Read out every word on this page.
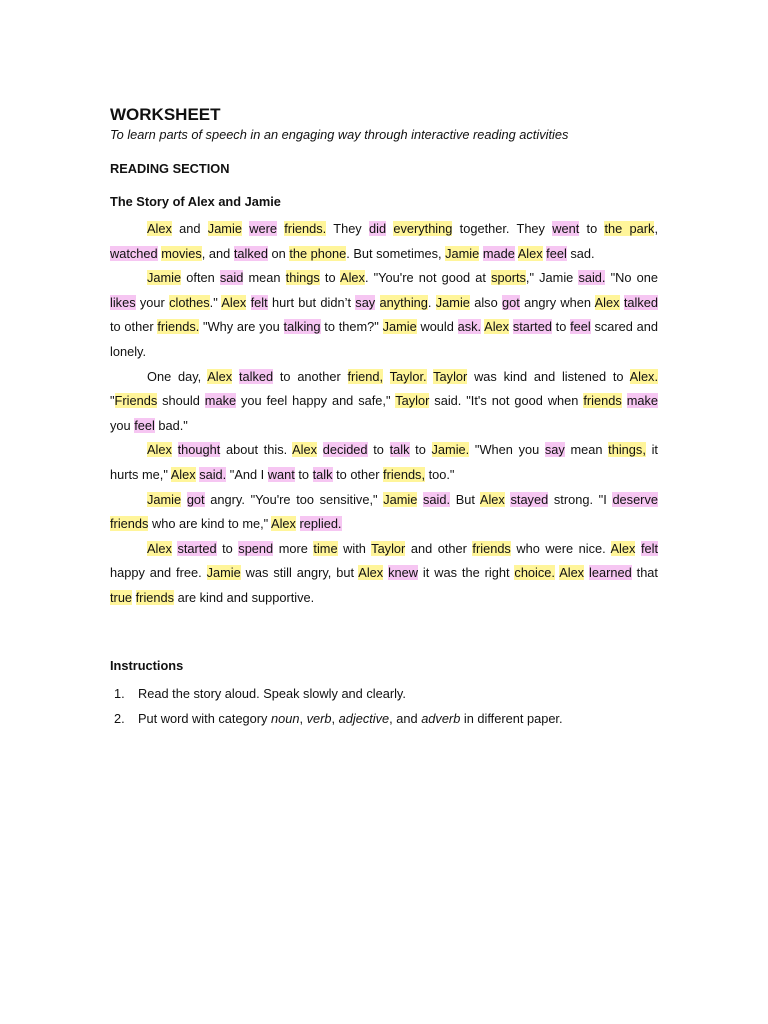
WORKSHEET

To learn parts of speech in an engaging way through interactive reading activities

READING SECTION
The Story of Alex and Jamie

Alex and Jamie were friends. They did everything together. They went to the park, watched movies, and talked on the phone. But sometimes, Jamie made Alex feel sad.

Jamie often said mean things to Alex. "You're not good at sports," Jamie said. "No one likes your clothes." Alex felt hurt but didn’t say anything. Jamie also got angry when Alex talked to other friends. "Why are you talking to them?" Jamie would ask. Alex started to feel scared and lonely.

One day, Alex talked to another friend, Taylor. Taylor was kind and listened to Alex. "Friends should make you feel happy and safe," Taylor said. "It's not good when friends make you feel bad."

Alex thought about this. Alex decided to talk to Jamie. "When you say mean things, it hurts me," Alex said. "And I want to talk to other friends, too."

Jamie got angry. "You're too sensitive," Jamie said. But Alex stayed strong. "I deserve friends who are kind to me," Alex replied.

Alex started to spend more time with Taylor and other friends who were nice. Alex felt happy and free. Jamie was still angry, but Alex knew it was the right choice. Alex learned that true friends are kind and supportive.

Instructions
1. Read the story aloud. Speak slowly and clearly.
2. Put word with category noun, verb, adjective, and adverb in different paper.
